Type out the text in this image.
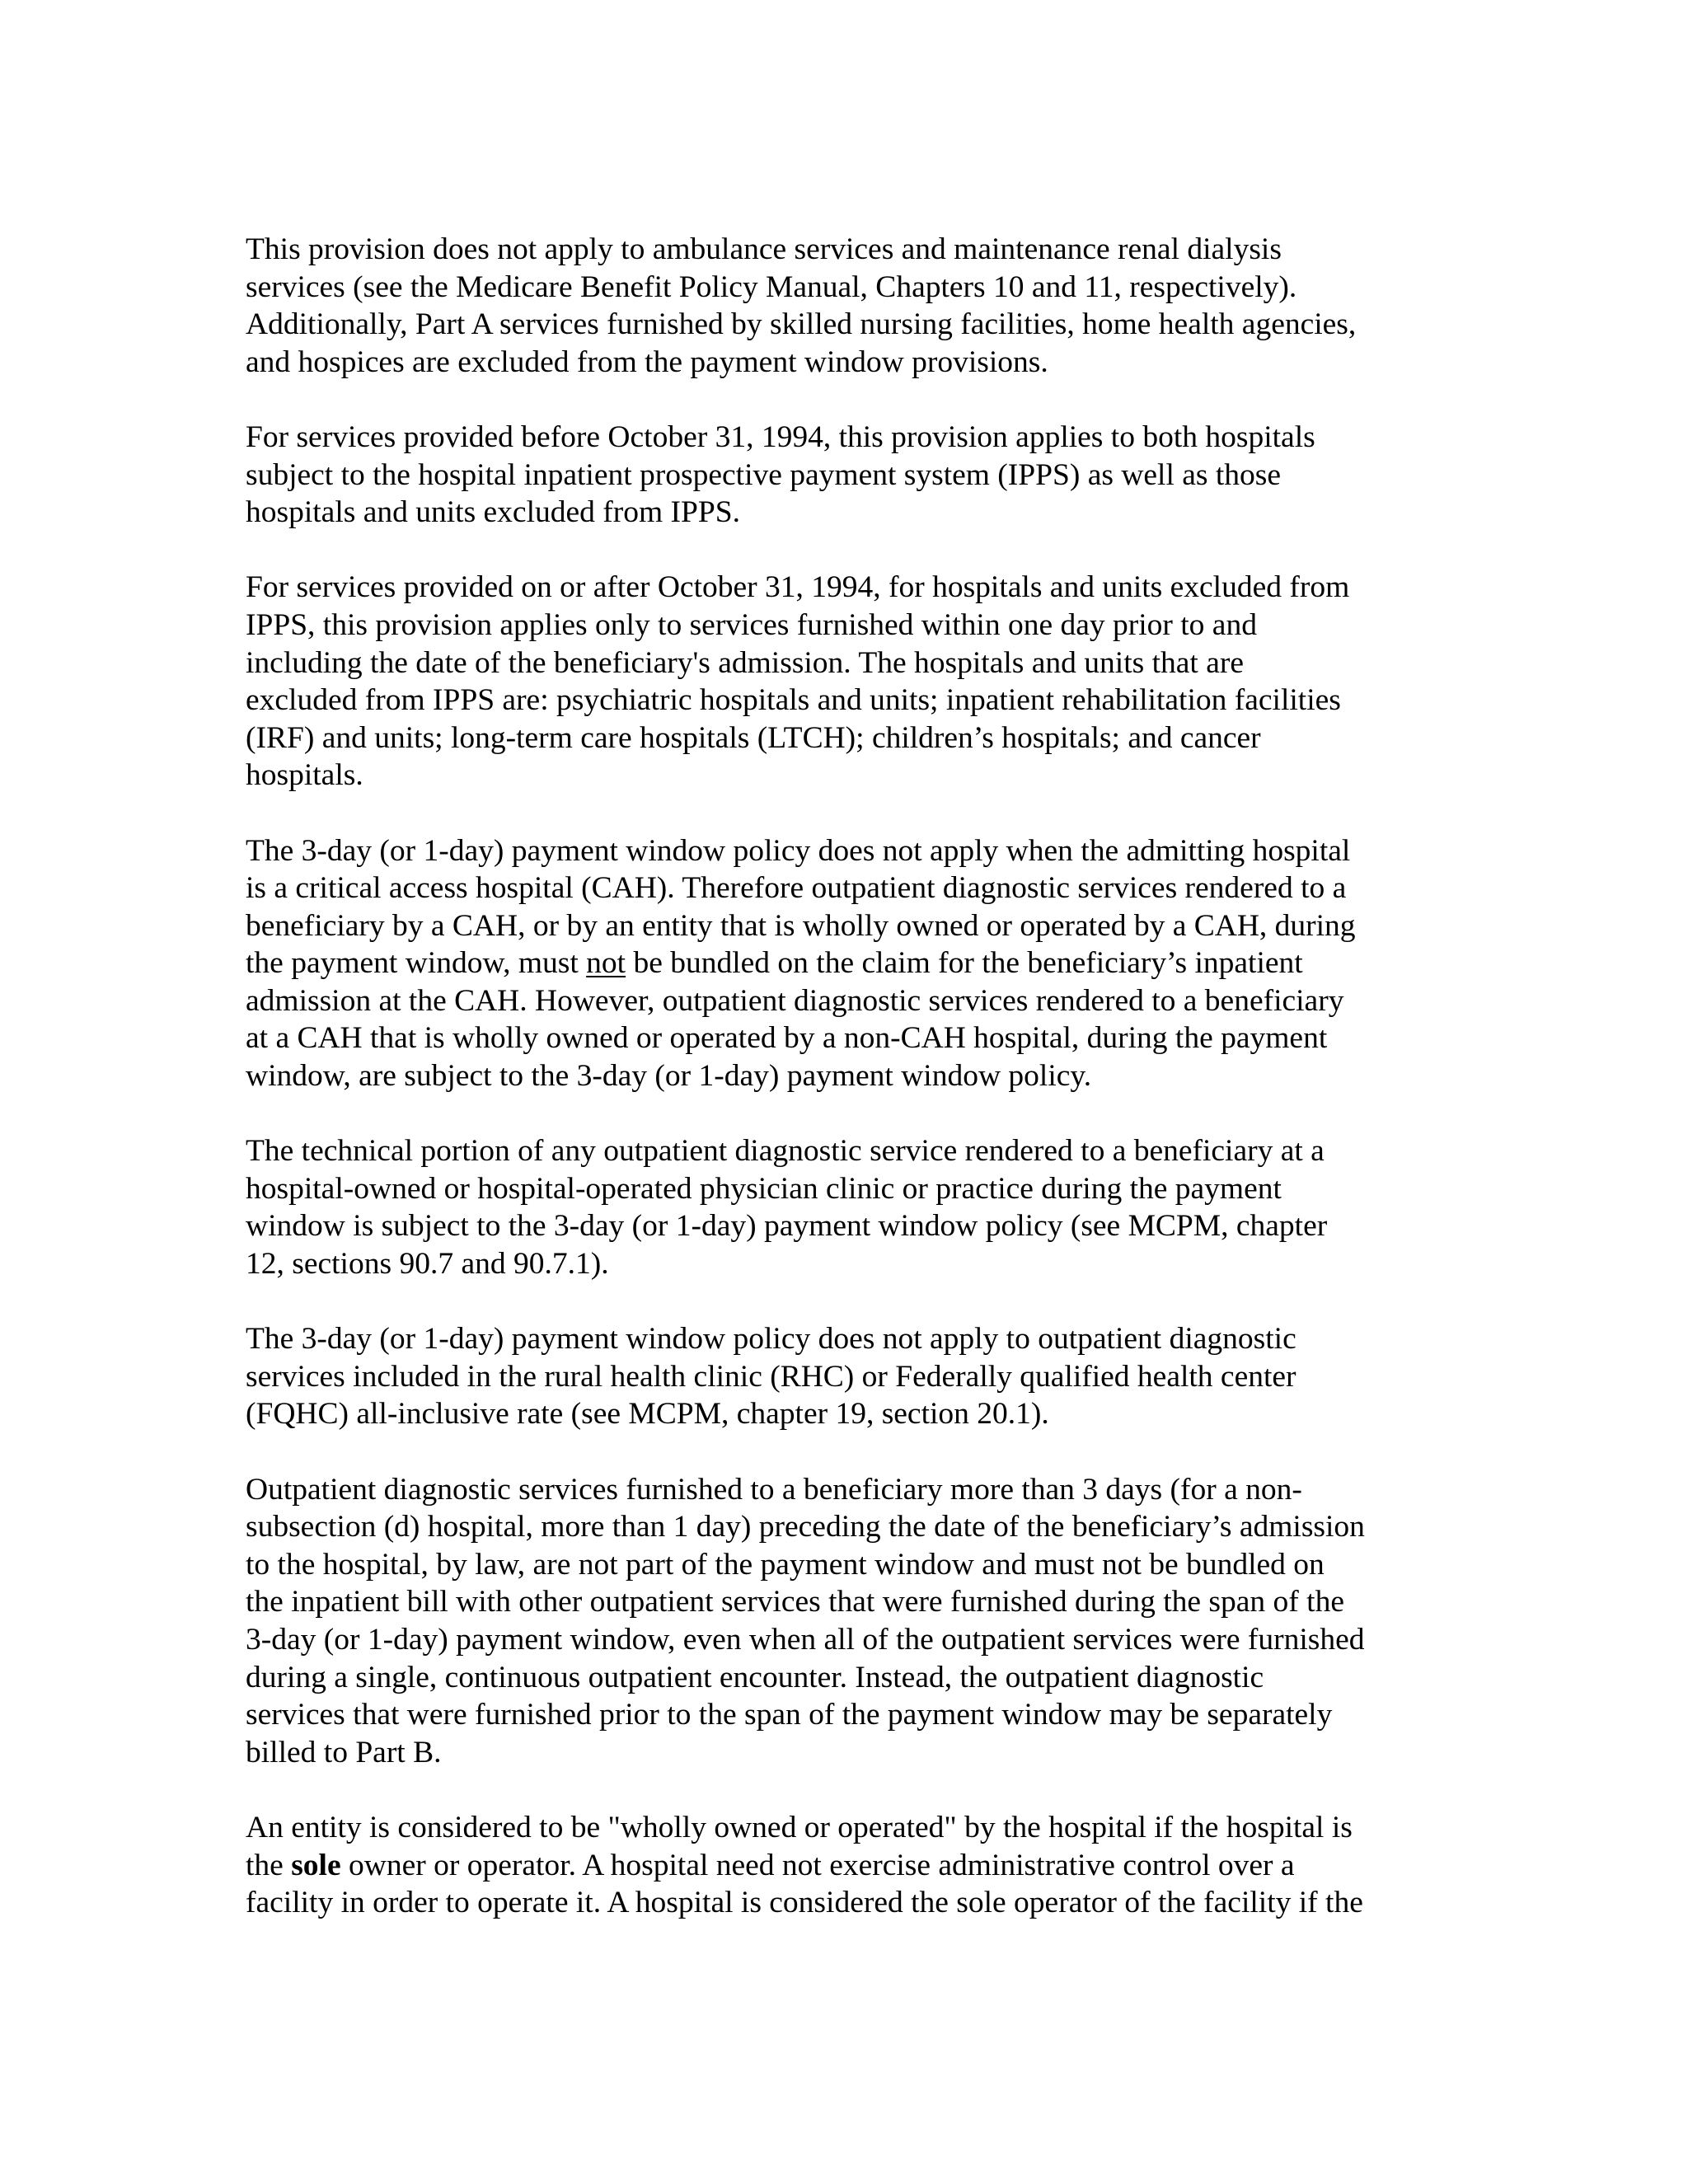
This provision does not apply to ambulance services and maintenance renal dialysis
services (see the Medicare Benefit Policy Manual, Chapters 10 and 11, respectively).
Additionally, Part A services furnished by skilled nursing facilities, home health agencies,
and hospices are excluded from the payment window provisions.

For services provided before October 31, 1994, this provision applies to both hospitals
subject to the hospital inpatient prospective payment system (IPPS) as well as those
hospitals and units excluded from IPPS.

For services provided on or after October 31, 1994, for hospitals and units excluded from
IPPS, this provision applies only to services furnished within one day prior to and
including the date of the beneficiary's admission. The hospitals and units that are
excluded from IPPS are: psychiatric hospitals and units; inpatient rehabilitation facilities
(IRF) and units; long-term care hospitals (LTCH); children’s hospitals; and cancer
hospitals.

The 3-day (or 1-day) payment window policy does not apply when the admitting hospital
is a critical access hospital (CAH). Therefore outpatient diagnostic services rendered to a
beneficiary by a CAH, or by an entity that is wholly owned or operated by a CAH, during
the payment window, must not be bundled on the claim for the beneficiary’s inpatient
admission at the CAH. However, outpatient diagnostic services rendered to a beneficiary
at a CAH that is wholly owned or operated by a non-CAH hospital, during the payment
window, are subject to the 3-day (or 1-day) payment window policy.

The technical portion of any outpatient diagnostic service rendered to a beneficiary at a
hospital-owned or hospital-operated physician clinic or practice during the payment
window is subject to the 3-day (or 1-day) payment window policy (see MCPM, chapter
12, sections 90.7 and 90.7.1).

The 3-day (or 1-day) payment window policy does not apply to outpatient diagnostic
services included in the rural health clinic (RHC) or Federally qualified health center
(FQHC) all-inclusive rate (see MCPM, chapter 19, section 20.1).

Outpatient diagnostic services furnished to a beneficiary more than 3 days (for a non-
subsection (d) hospital, more than 1 day) preceding the date of the beneficiary’s admission
to the hospital, by law, are not part of the payment window and must not be bundled on
the inpatient bill with other outpatient services that were furnished during the span of the
3-day (or 1-day) payment window, even when all of the outpatient services were furnished
during a single, continuous outpatient encounter. Instead, the outpatient diagnostic
services that were furnished prior to the span of the payment window may be separately
billed to Part B.

An entity is considered to be "wholly owned or operated" by the hospital if the hospital is
the sole owner or operator. A hospital need not exercise administrative control over a
facility in order to operate it. A hospital is considered the sole operator of the facility if the
